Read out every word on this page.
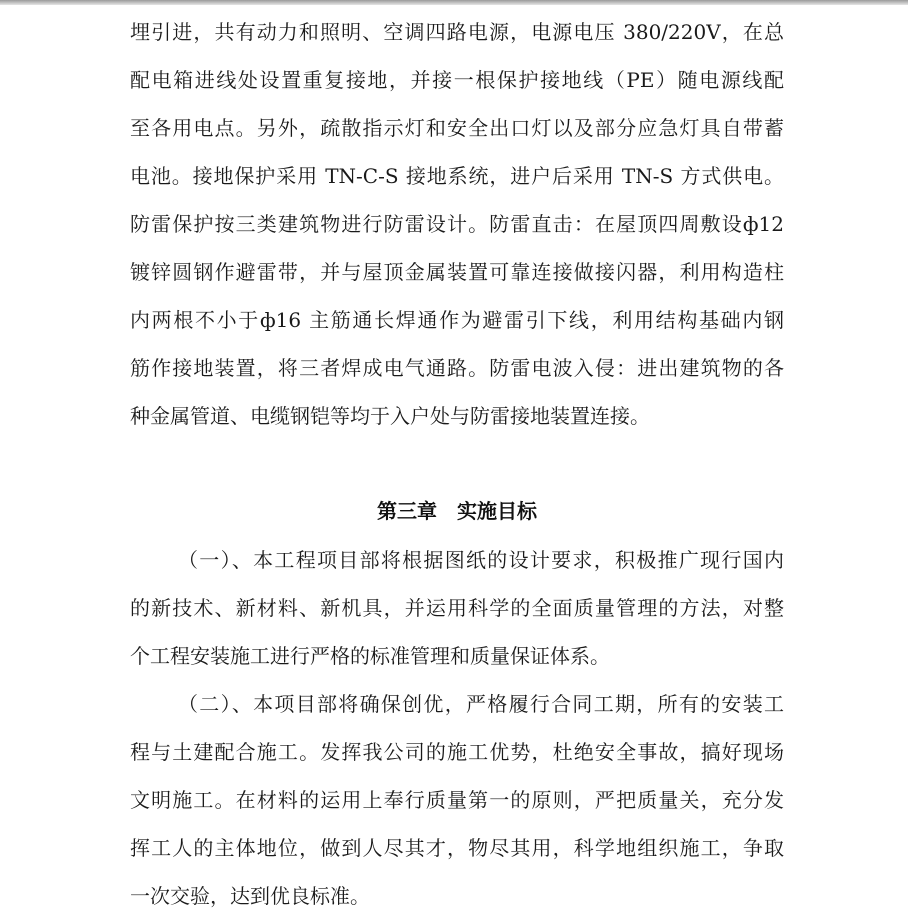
埋引进，共有动力和照明、空调四路电源，电源电压 380/220V，在总
配电箱进线处设置重复接地，并接一根保护接地线（PE）随电源线配
至各用电点。另外，疏散指示灯和安全出口灯以及部分应急灯具自带蓄
电池。接地保护采用 TN-C-S 接地系统，进户后采用 TN-S 方式供电。
防雷保护按三类建筑物进行防雷设计。防雷直击：在屋顶四周敷设ф12
镀锌圆钢作避雷带，并与屋顶金属装置可靠连接做接闪器，利用构造柱
内两根不小于ф16 主筋通长焊通作为避雷引下线，利用结构基础内钢
筋作接地装置，将三者焊成电气通路。防雷电波入侵：进出建筑物的各
种金属管道、电缆钢铠等均于入户处与防雷接地装置连接。
第三章　实施目标
（一）、本工程项目部将根据图纸的设计要求，积极推广现行国内
的新技术、新材料、新机具，并运用科学的全面质量管理的方法，对整
个工程安装施工进行严格的标准管理和质量保证体系。
（二）、本项目部将确保创优，严格履行合同工期，所有的安装工
程与土建配合施工。发挥我公司的施工优势，杜绝安全事故，搞好现场
文明施工。在材料的运用上奉行质量第一的原则，严把质量关，充分发
挥工人的主体地位，做到人尽其才，物尽其用，科学地组织施工，争取
一次交验，达到优良标准。
